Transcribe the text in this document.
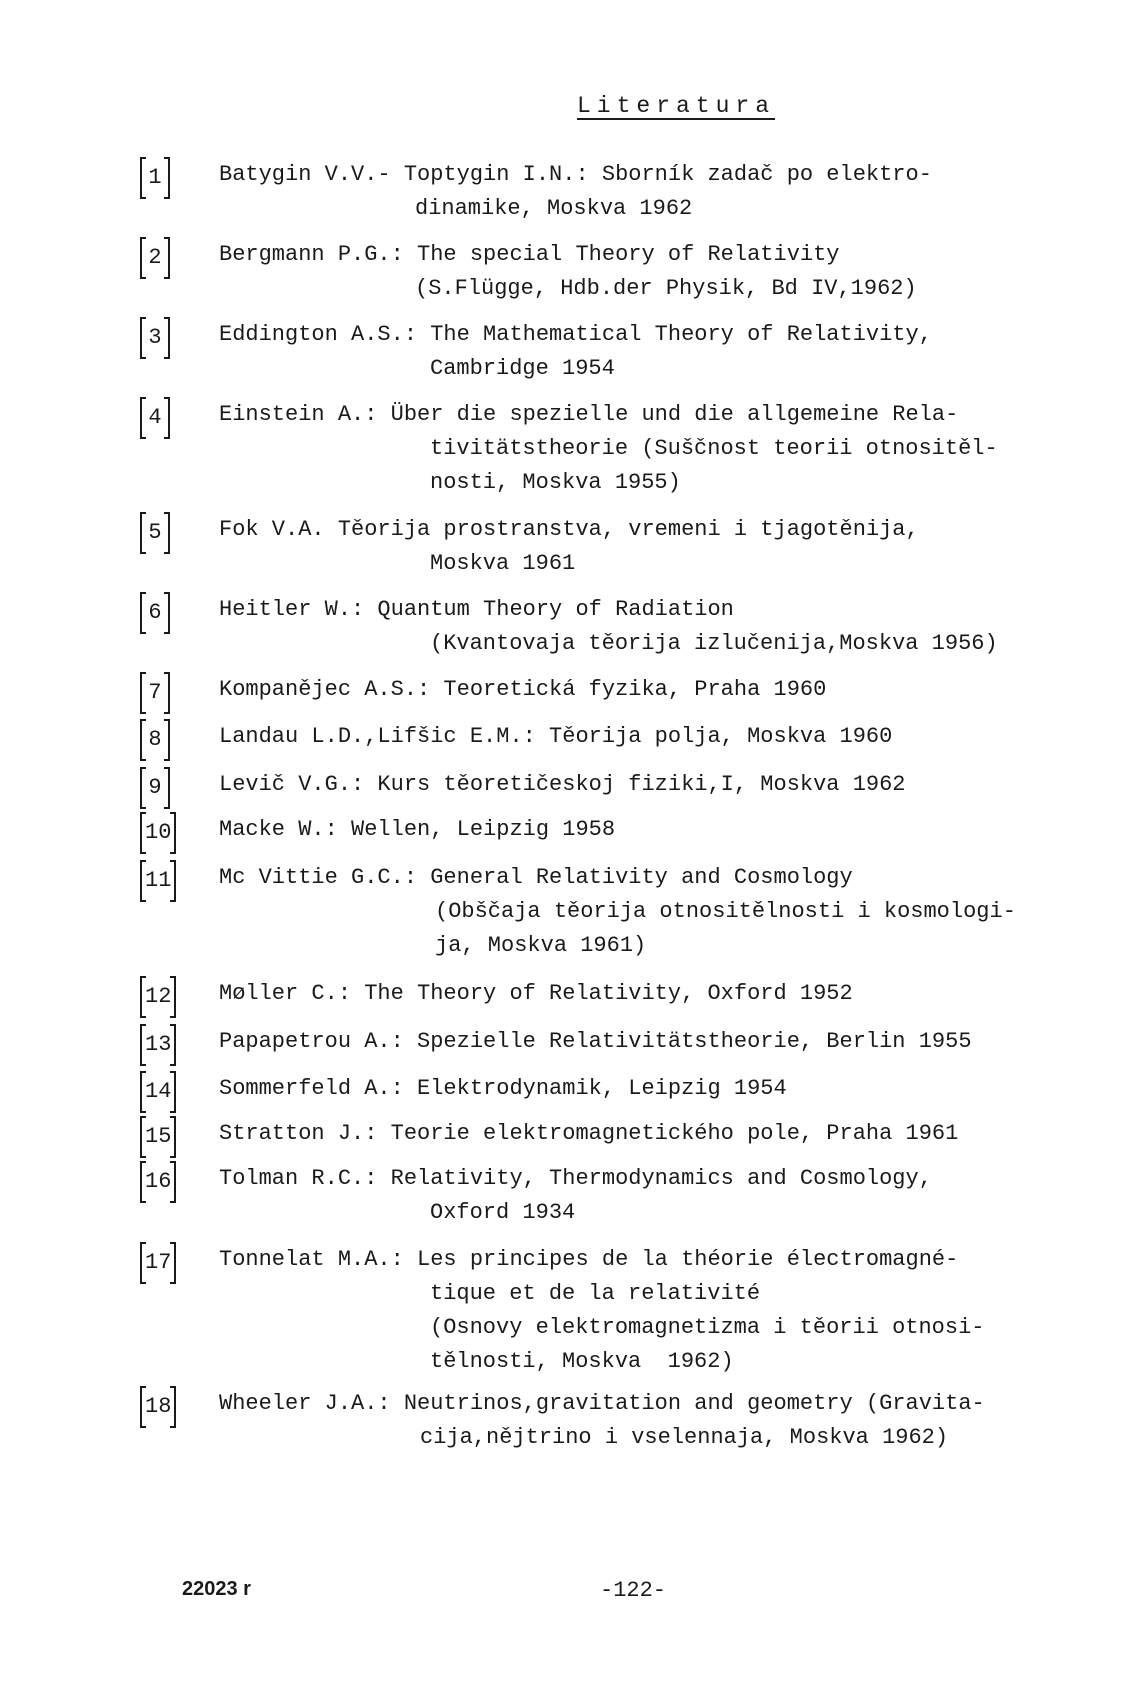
Literatura
1	Batygin V.V.- Toptygin I.N.: Sborník zadač po elektro-
dinamike, Moskva 1962
2	Bergmann P.G.: The special Theory of Relativity
(S.Flügge, Hdb.der Physik, Bd IV,1962)
3	Eddington A.S.: The Mathematical Theory of Relativity,
Cambridge 1954
4	Einstein A.: Über die spezielle und die allgemeine Rela-
tivitätstheorie (Suščnost teorii otnositěl-
nosti, Moskva 1955)
5	Fok V.A. Těorija prostranstva, vremeni i tjagotěnija,
Moskva 1961
6	Heitler W.: Quantum Theory of Radiation
(Kvantovaja těorija izlučenija,Moskva 1956)
7	Kompaněјec A.S.: Teoretická fyzika, Praha 1960
8	Landau L.D.,Lifšic E.M.: Těorija polja, Moskva 1960
9	Levič V.G.: Kurs těoretičeskoj fiziki,I, Moskva 1962
10 Macke W.: Wellen, Leipzig 1958
11 Mc Vittie G.C.: General Relativity and Cosmology
(Obščaja těorija otnositělnosti i kosmologi-
ja, Moskva 1961)
12 Møller C.: The Theory of Relativity, Oxford 1952
13 Papapetrou A.: Spezielle Relativitätstheorie, Berlin 1955
14 Sommerfeld A.: Elektrodynamik, Leipzig 1954
15 Stratton J.: Teorie elektromagnetického pole, Praha 1961
16 Tolman R.C.: Relativity, Thermodynamics and Cosmology,
Oxford 1934
17 Tonnelat M.A.: Les principes de la théorie électromagné-
tique et de la relativité
(Osnovy elektromagnetizma i těorii otnosi-
tělnosti, Moskva  1962)
18 Wheeler J.A.: Neutrinos,gravitation and geometry (Gravita-
cija,nějtrino i vselennaja, Moskva 1962)
22023 r	-122-
